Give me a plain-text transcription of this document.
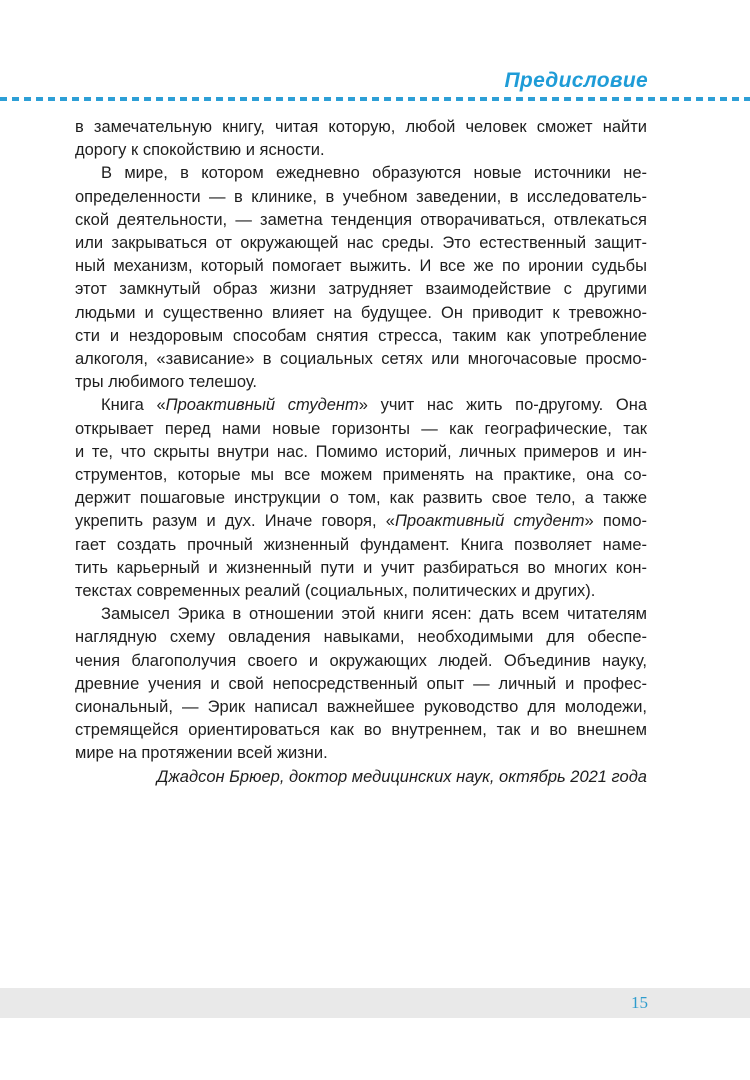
Предисловие
в замечательную книгу, читая которую, любой человек сможет найти
дорогу к спокойствию и ясности.
В мире, в котором ежедневно образуются новые источники не-
определенности — в клинике, в учебном заведении, в исследователь-
ской деятельности, — заметна тенденция отворачиваться, отвлекаться
или закрываться от окружающей нас среды. Это естественный защит-
ный механизм, который помогает выжить. И все же по иронии судьбы
этот замкнутый образ жизни затрудняет взаимодействие с другими
людьми и существенно влияет на будущее. Он приводит к тревожно-
сти и нездоровым способам снятия стресса, таким как употребление
алкоголя, «зависание» в социальных сетях или многочасовые просмо-
тры любимого телешоу.
Книга «Проактивный студент» учит нас жить по-другому. Она
открывает перед нами новые горизонты — как географические, так
и те, что скрыты внутри нас. Помимо историй, личных примеров и ин-
струментов, которые мы все можем применять на практике, она со-
держит пошаговые инструкции о том, как развить свое тело, а также
укрепить разум и дух. Иначе говоря, «Проактивный студент» помо-
гает создать прочный жизненный фундамент. Книга позволяет наме-
тить карьерный и жизненный пути и учит разбираться во многих кон-
текстах современных реалий (социальных, политических и других).
Замысел Эрика в отношении этой книги ясен: дать всем читателям
наглядную схему овладения навыками, необходимыми для обеспе-
чения благополучия своего и окружающих людей. Объединив науку,
древние учения и свой непосредственный опыт — личный и профес-
сиональный, — Эрик написал важнейшее руководство для молодежи,
стремящейся ориентироваться как во внутреннем, так и во внешнем
мире на протяжении всей жизни.
Джадсон Брюер, доктор медицинских наук, октябрь 2021 года
15
